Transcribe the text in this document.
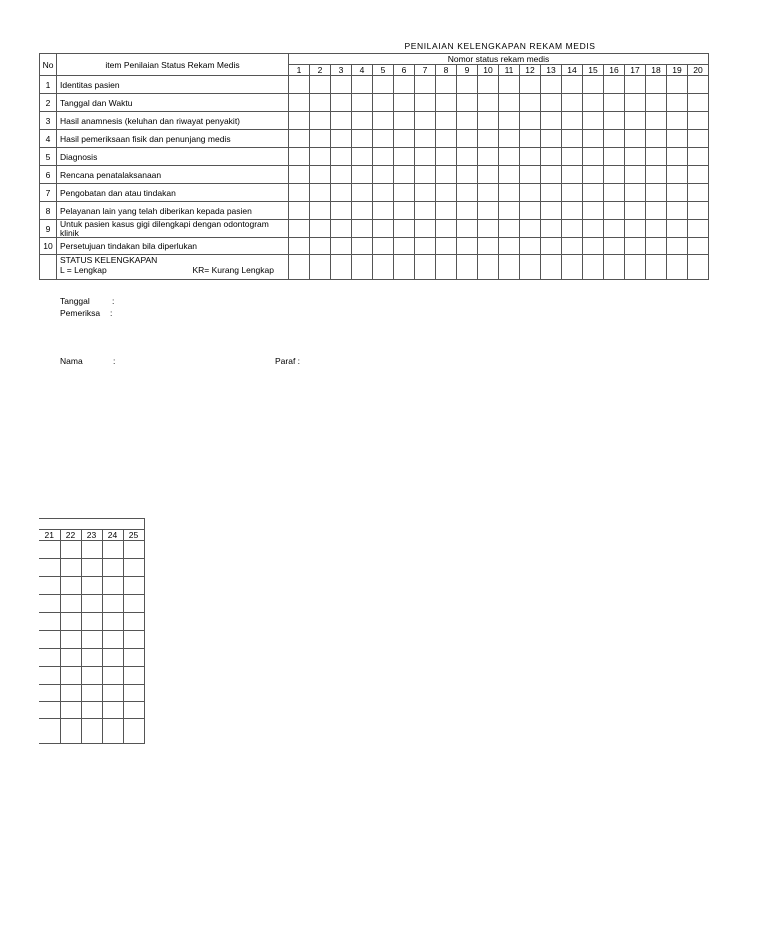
PENILAIAN KELENGKAPAN REKAM MEDIS
No	item Penilaian Status Rekam Medis	Nomor status rekam medis																			
		1	2	3	4	5	6	7	8	9	10	11	12	13	14	15	16	17	18	19	20
1	Identitas pasien																				
2	Tanggal dan Waktu																				
3	Hasil anamnesis (keluhan dan riwayat penyakit)																				
4	Hasil pemeriksaan fisik dan penunjang medis																				
5	Diagnosis																				
6	Rencana penatalaksanaan																				
7	Pengobatan dan atau tindakan																				
8	Pelayanan lain yang telah diberikan kepada pasien																				
9	Untuk pasien kasus gigi dilengkapi dengan odontogram klinik																				
10	Persetujuan tindakan bila diperlukan																				

	STATUS KELENGKAPAN
L = Lengkap KR= Kurang Lengkap																				

Tanggal	:
Pemeriksa :
Nama	:	Paraf :

21	22	23	24	25
